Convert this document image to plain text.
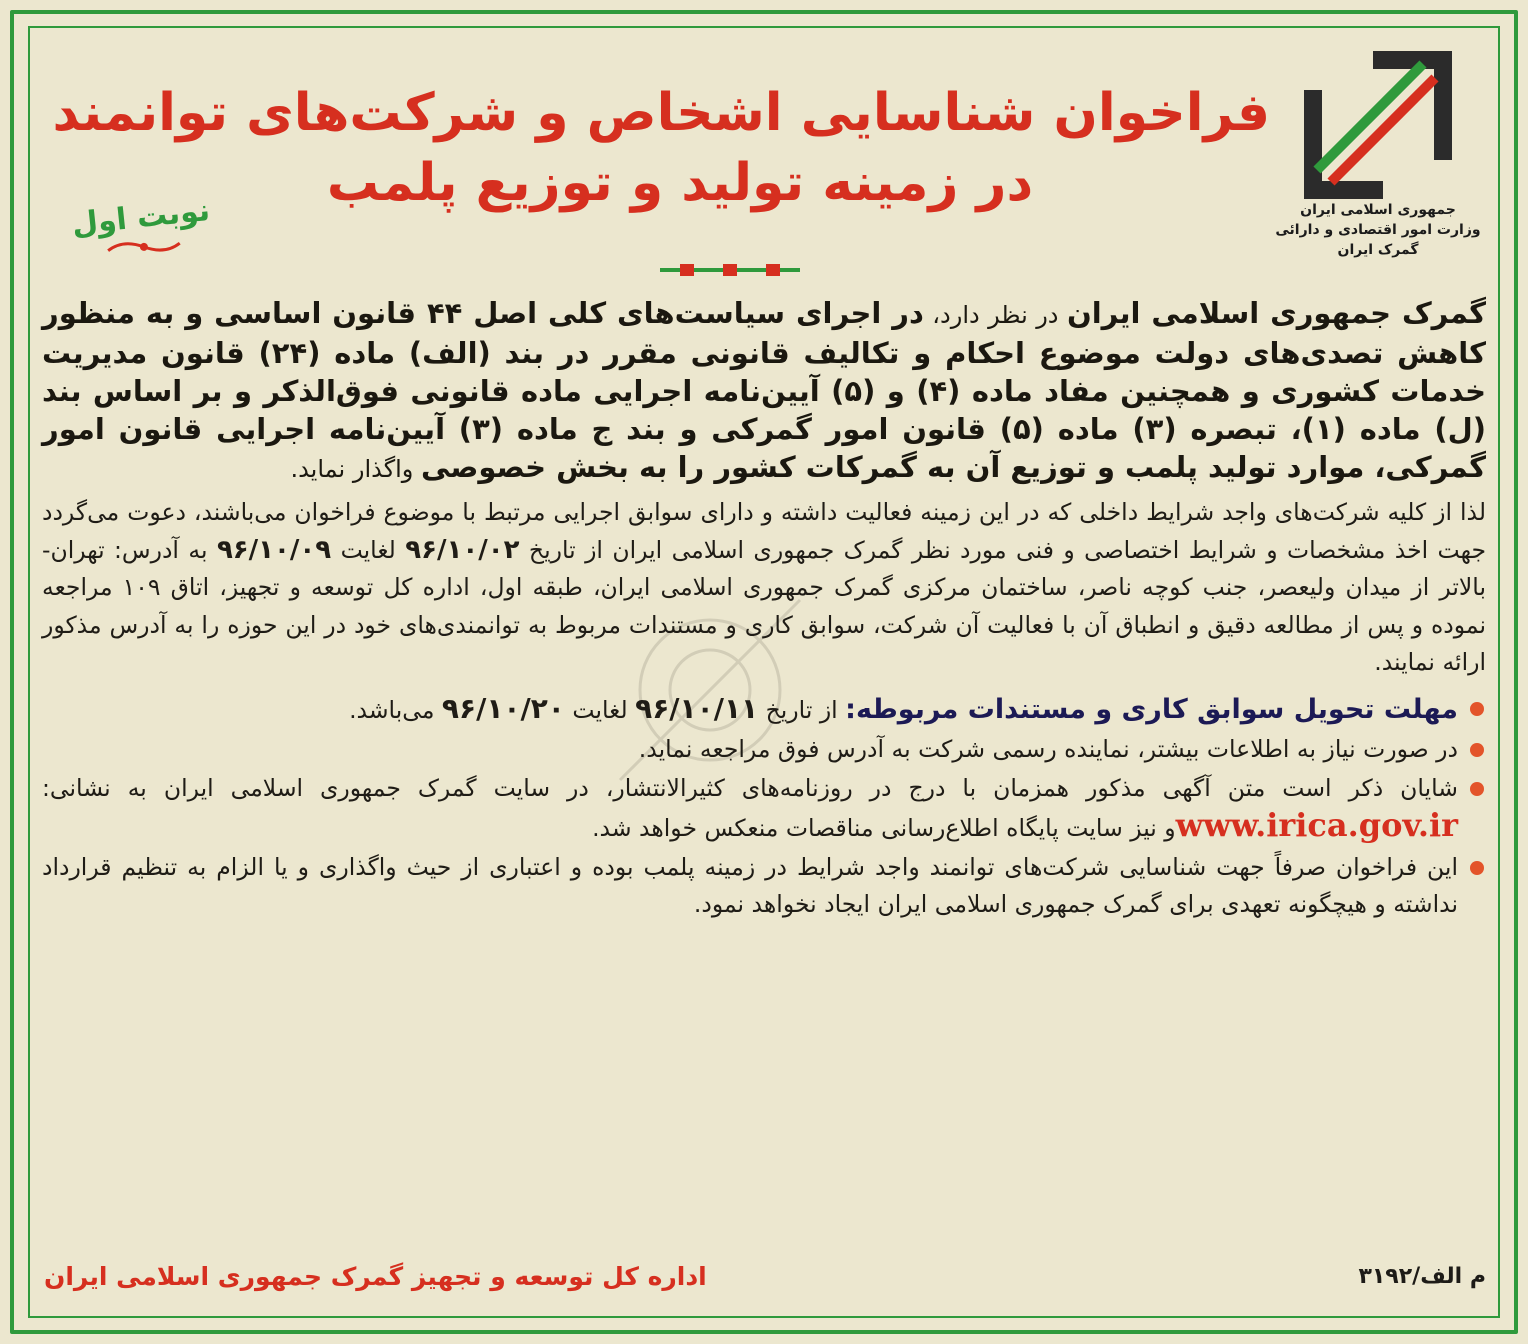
جمهوری اسلامی ایران
وزارت امور اقتصادی و دارائی
گمرک ایران
فراخوان شناسایی اشخاص و شرکت‌های توانمند
در زمینه تولید و توزیع پلمب
نوبت اول
گمرک جمهوری اسلامی ایران در نظر دارد، در اجرای سیاست‌های کلی اصل ۴۴ قانون اساسی و به منظور کاهش تصدی‌های دولت موضوع احکام و تکالیف قانونی مقرر در بند (الف) ماده (۲۴) قانون مدیریت خدمات کشوری و همچنین مفاد ماده (۴) و (۵) آیین‌نامه اجرایی ماده قانونی فوق‌الذکر و بر اساس بند (ل) ماده (۱)، تبصره (۳) ماده (۵) قانون امور گمرکی و بند ج ماده (۳) آیین‌نامه اجرایی قانون امور گمرکی، موارد تولید پلمب و توزیع آن به گمرکات کشور را به بخش خصوصی واگذار نماید.
لذا از کلیه شرکت‌های واجد شرایط داخلی که در این زمینه فعالیت داشته و دارای سوابق اجرایی مرتبط با موضوع فراخوان می‌باشند، دعوت می‌گردد جهت اخذ مشخصات و شرایط اختصاصی و فنی مورد نظر گمرک جمهوری اسلامی ایران از تاریخ ۹۶/۱۰/۰۲ لغایت ۹۶/۱۰/۰۹ به آدرس: تهران- بالاتر از میدان ولیعصر، جنب کوچه ناصر، ساختمان مرکزی گمرک جمهوری اسلامی ایران، طبقه اول، اداره کل توسعه و تجهیز، اتاق ۱۰۹ مراجعه نموده و پس از مطالعه دقیق و انطباق آن با فعالیت آن شرکت، سوابق کاری و مستندات مربوط به توانمندی‌های خود در این حوزه را به آدرس مذکور ارائه نمایند.
مهلت تحویل سوابق کاری و مستندات مربوطه: از تاریخ ۹۶/۱۰/۱۱ لغایت ۹۶/۱۰/۲۰ می‌باشد.
در صورت نیاز به اطلاعات بیشتر، نماینده رسمی شرکت به آدرس فوق مراجعه نماید.
شایان ذکر است متن آگهی مذکور همزمان با درج در روزنامه‌های کثیرالانتشار، در سایت گمرک جمهوری اسلامی ایران به نشانی: www.irica.gov.irو نیز سایت پایگاه اطلاع‌رسانی مناقصات منعکس خواهد شد.
این فراخوان صرفاً جهت شناسایی شرکت‌های توانمند واجد شرایط در زمینه پلمب بوده و اعتباری از حیث واگذاری و یا الزام به تنظیم قرارداد نداشته و هیچگونه تعهدی برای گمرک جمهوری اسلامی ایران ایجاد نخواهد نمود.
اداره کل توسعه و تجهیز گمرک جمهوری اسلامی ایران	م الف/۳۱۹۲
